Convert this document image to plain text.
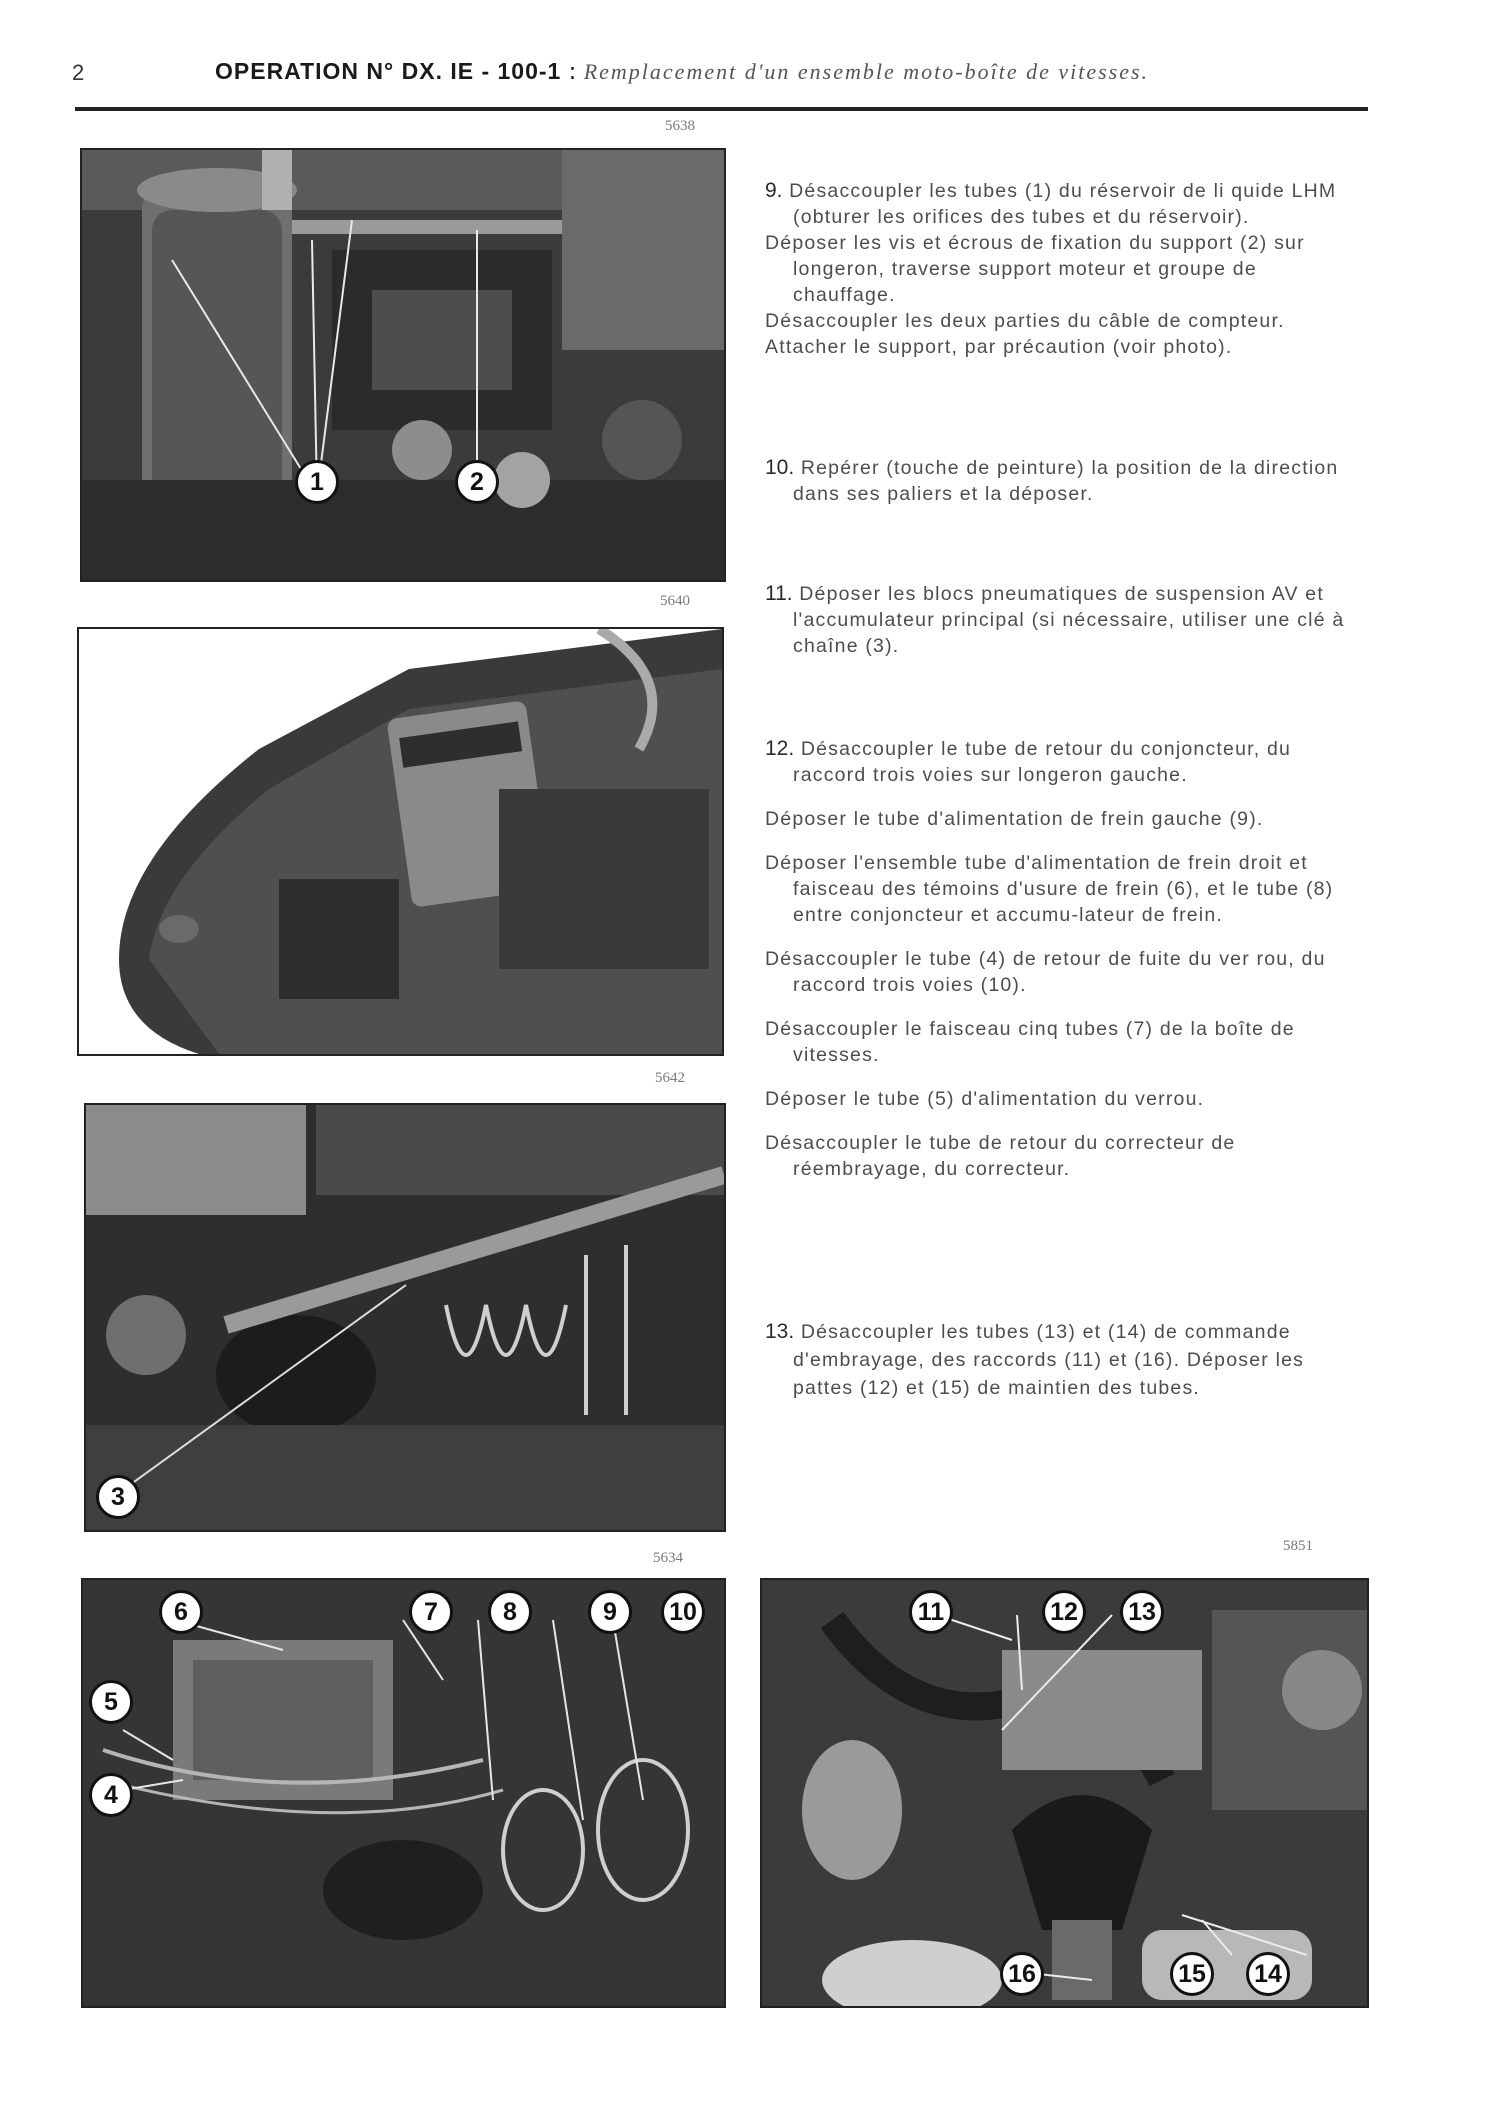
2	OPERATION N° DX. IE - 100-1 : Remplacement d'un ensemble moto-boîte de vitesses.
5638
1	2
5640
5642
3
5634
6	7	8	9	10
5
4
5851
11	12	13
16	15	14

9. Désaccoupler les tubes (1) du réservoir de li quide LHM (obturer les orifices des tubes et du réservoir).

Déposer les vis et écrous de fixation du support (2) sur longeron, traverse support moteur et groupe de chauffage.

Désaccoupler les deux parties du câble de compteur.

Attacher le support, par précaution (voir photo).

10. Repérer (touche de peinture) la position de la direction dans ses paliers et la déposer.

11. Déposer les blocs pneumatiques de suspension AV et l'accumulateur principal (si nécessaire, utiliser une clé à chaîne (3).

12. Désaccoupler le tube de retour du conjoncteur, du raccord trois voies sur longeron gauche.

Déposer le tube d'alimentation de frein gauche (9).

Déposer l'ensemble tube d'alimentation de frein droit et faisceau des témoins d'usure de frein (6), et le tube (8) entre conjoncteur et accumu-lateur de frein.

Désaccoupler le tube (4) de retour de fuite du ver rou, du raccord trois voies (10).

Désaccoupler le faisceau cinq tubes (7) de la boîte de vitesses.

Déposer le tube (5) d'alimentation du verrou.

Désaccoupler le tube de retour du correcteur de réembrayage, du correcteur.

13. Désaccoupler les tubes (13) et (14) de commande d'embrayage, des raccords (11) et (16). Déposer les pattes (12) et (15) de maintien des tubes.
